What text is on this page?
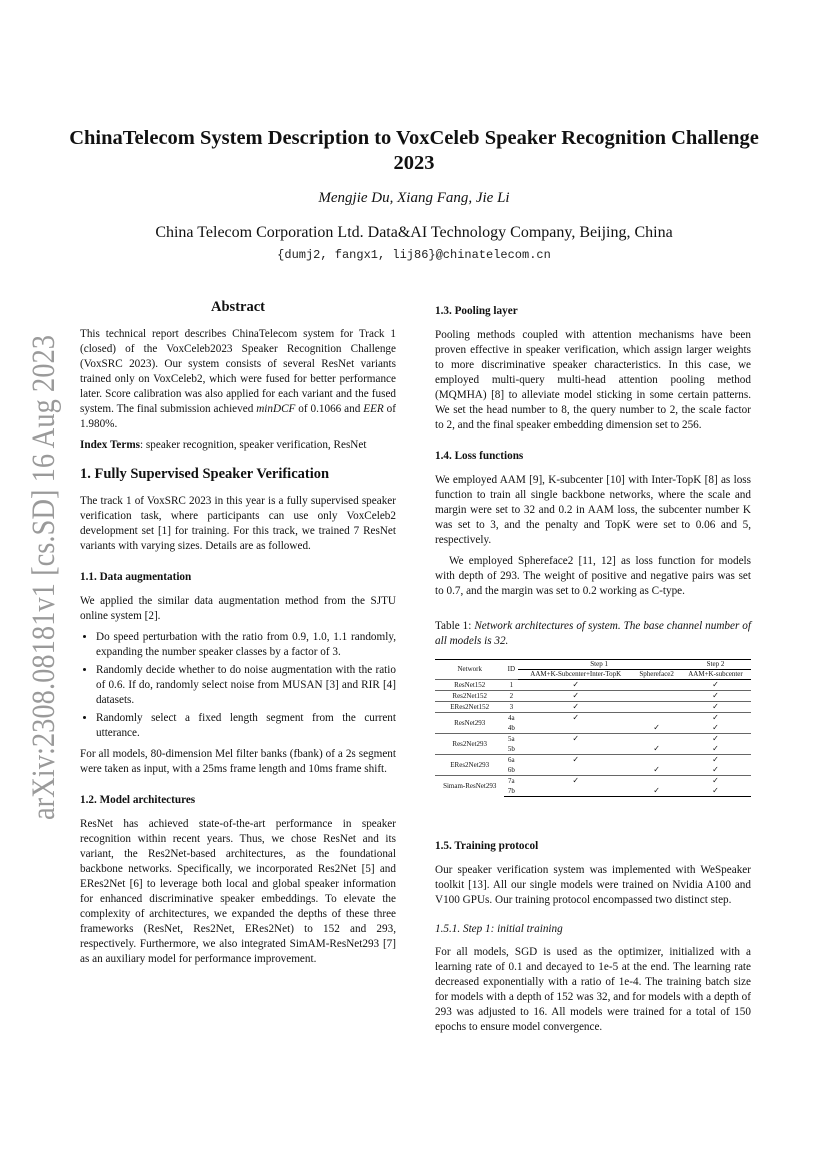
arXiv:2308.08181v1 [cs.SD] 16 Aug 2023
ChinaTelecom System Description to VoxCeleb Speaker Recognition Challenge 2023
Mengjie Du, Xiang Fang, Jie Li
China Telecom Corporation Ltd. Data&AI Technology Company, Beijing, China
{dumj2, fangx1, lij86}@chinatelecom.cn
Abstract

This technical report describes ChinaTelecom system for Track 1 (closed) of the VoxCeleb2023 Speaker Recognition Challenge (VoxSRC 2023). Our system consists of several ResNet variants trained only on VoxCeleb2, which were fused for better performance later. Score calibration was also applied for each variant and the fused system. The final submission achieved minDCF of 0.1066 and EER of 1.980%.

Index Terms: speaker recognition, speaker verification, ResNet

1. Fully Supervised Speaker Verification

The track 1 of VoxSRC 2023 in this year is a fully supervised speaker verification task, where participants can use only VoxCeleb2 development set [1] for training. For this track, we trained 7 ResNet variants with varying sizes. Details are as followed.

1.1. Data augmentation

We applied the similar data augmentation method from the SJTU online system [2].

• Do speed perturbation with the ratio from 0.9, 1.0, 1.1 randomly, expanding the number speaker classes by a factor of 3.
• Randomly decide whether to do noise augmentation with the ratio of 0.6. If do, randomly select noise from MUSAN [3] and RIR [4] datasets.
• Randomly select a fixed length segment from the current utterance.

For all models, 80-dimension Mel filter banks (fbank) of a 2s segment were taken as input, with a 25ms frame length and 10ms frame shift.

1.2. Model architectures

ResNet has achieved state-of-the-art performance in speaker recognition within recent years. Thus, we chose ResNet and its variant, the Res2Net-based architectures, as the foundational backbone networks. Specifically, we incorporated Res2Net [5] and ERes2Net [6] to leverage both local and global speaker information for enhanced discriminative speaker embeddings. To elevate the complexity of architectures, we expanded the depths of these three frameworks (ResNet, Res2Net, ERes2Net) to 152 and 293, respectively. Furthermore, we also integrated SimAM-ResNet293 [7] as an auxiliary model for performance improvement.

1.3. Pooling layer

Pooling methods coupled with attention mechanisms have been proven effective in speaker verification, which assign larger weights to more discriminative speaker characteristics. In this case, we employed multi-query multi-head attention pooling method (MQMHA) [8] to alleviate model sticking in some certain patterns. We set the head number to 8, the query number to 2, the scale factor to 2, and the final speaker embedding dimension set to 256.

1.4. Loss functions

We employed AAM [9], K-subcenter [10] with Inter-TopK [8] as loss function to train all single backbone networks, where the scale and margin were set to 32 and 0.2 in AAM loss, the subcenter number K was set to 3, and the penalty and TopK were set to 0.06 and 5, respectively.

We employed Sphereface2 [11, 12] as loss function for models with depth of 293. The weight of positive and negative pairs was set to 0.7, and the margin was set to 0.2 working as C-type.

Table 1: Network architectures of system. The base channel number of all models is 32.

Network	ID	Step 1		Step 2
		AAM+K-Subcenter+Inter-TopK	Sphereface2	AAM+K-subcenter
ResNet152	1	✓		✓
Res2Net152	2	✓		✓
ERes2Net152	3	✓		✓
ResNet293	4a	✓		✓
	4b		✓	✓
Res2Net293	5a	✓		✓
	5b		✓	✓
ERes2Net293	6a	✓		✓
	6b		✓	✓
Simam-ResNet293	7a	✓		✓
	7b		✓	✓
1.5. Training protocol

Our speaker verification system was implemented with WeSpeaker toolkit [13]. All our single models were trained on Nvidia A100 and V100 GPUs. Our training protocol encompassed two distinct step.

1.5.1. Step 1: initial training

For all models, SGD is used as the optimizer, initialized with a learning rate of 0.1 and decayed to 1e-5 at the end. The learning rate decreased exponentially with a ratio of 1e-4. The training batch size for models with a depth of 152 was 32, and for models with a depth of 293 was adjusted to 16. All models were trained for a total of 150 epochs to ensure model convergence.
